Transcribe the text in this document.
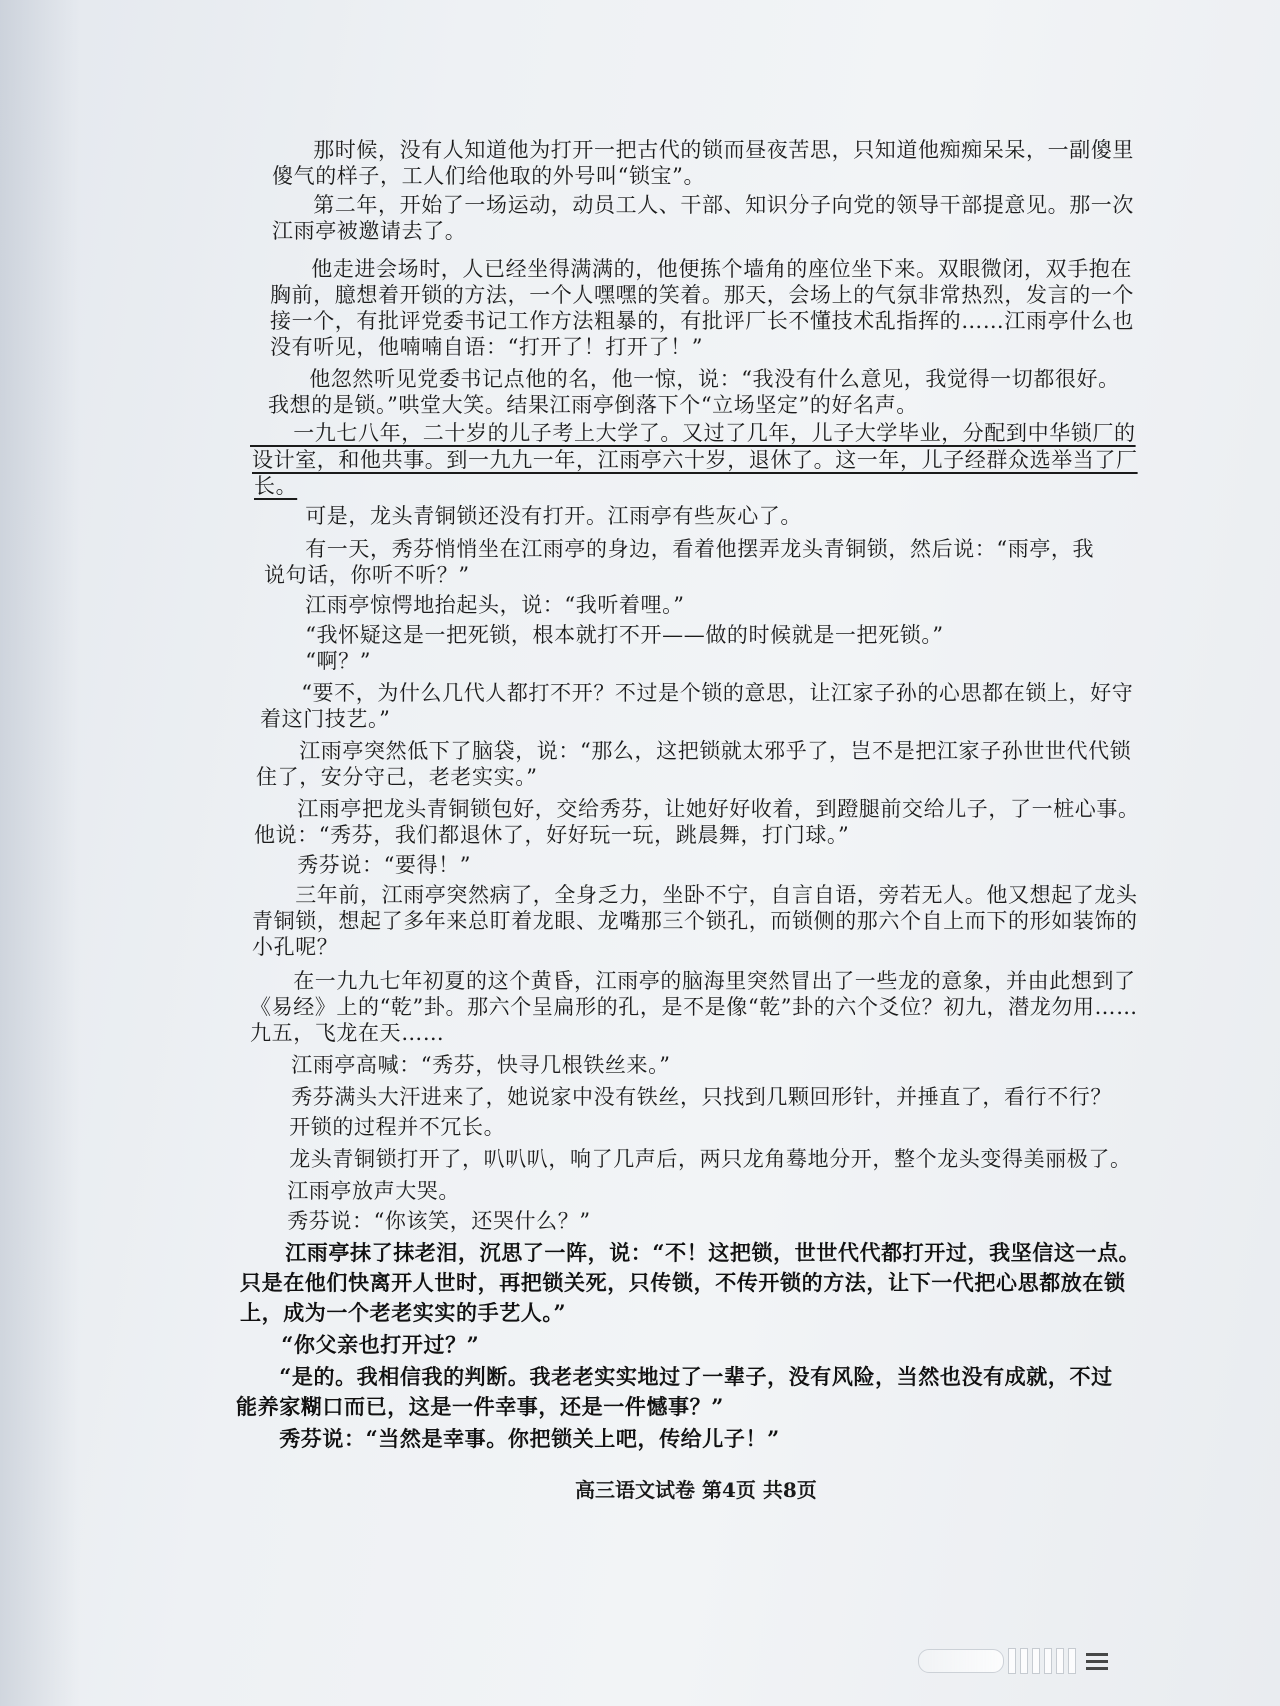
　　那时候，没有人知道他为打开一把古代的锁而昼夜苦思，只知道他痴痴呆呆，一副傻里
傻气的样子，工人们给他取的外号叫“锁宝”。
　　第二年，开始了一场运动，动员工人、干部、知识分子向党的领导干部提意见。那一次
江雨亭被邀请去了。
　　他走进会场时，人已经坐得满满的，他便拣个墙角的座位坐下来。双眼微闭，双手抱在
胸前，臆想着开锁的方法，一个人嘿嘿的笑着。那天，会场上的气氛非常热烈，发言的一个
接一个，有批评党委书记工作方法粗暴的，有批评厂长不懂技术乱指挥的……江雨亭什么也
没有听见，他喃喃自语：“打开了！打开了！”
　　他忽然听见党委书记点他的名，他一惊，说：“我没有什么意见，我觉得一切都很好。
我想的是锁。”哄堂大笑。结果江雨亭倒落下个“立场坚定”的好名声。
　　一九七八年，二十岁的儿子考上大学了。又过了几年，儿子大学毕业，分配到中华锁厂的
设计室，和他共事。到一九九一年，江雨亭六十岁，退休了。这一年，儿子经群众选举当了厂
长。
　　可是，龙头青铜锁还没有打开。江雨亭有些灰心了。
　　有一天，秀芬悄悄坐在江雨亭的身边，看着他摆弄龙头青铜锁，然后说：“雨亭，我
说句话，你听不听？”
　　江雨亭惊愕地抬起头，说：“我听着哩。”
　　“我怀疑这是一把死锁，根本就打不开——做的时候就是一把死锁。”
　　“啊？”
　　“要不，为什么几代人都打不开？不过是个锁的意思，让江家子孙的心思都在锁上，好守
着这门技艺。”
　　江雨亭突然低下了脑袋，说：“那么，这把锁就太邪乎了，岂不是把江家子孙世世代代锁
住了，安分守己，老老实实。”
　　江雨亭把龙头青铜锁包好，交给秀芬，让她好好收着，到蹬腿前交给儿子，了一桩心事。
他说：“秀芬，我们都退休了，好好玩一玩，跳晨舞，打门球。”
　　秀芬说：“要得！”
　　三年前，江雨亭突然病了，全身乏力，坐卧不宁，自言自语，旁若无人。他又想起了龙头
青铜锁，想起了多年来总盯着龙眼、龙嘴那三个锁孔，而锁侧的那六个自上而下的形如装饰的
小孔呢？
　　在一九九七年初夏的这个黄昏，江雨亭的脑海里突然冒出了一些龙的意象，并由此想到了
《易经》上的“乾”卦。那六个呈扁形的孔，是不是像“乾”卦的六个爻位？初九，潜龙勿用……
九五，飞龙在天……
　　江雨亭高喊：“秀芬，快寻几根铁丝来。”
　　秀芬满头大汗进来了，她说家中没有铁丝，只找到几颗回形针，并捶直了，看行不行？
　　开锁的过程并不冗长。
　　龙头青铜锁打开了，叭叭叭，响了几声后，两只龙角蓦地分开，整个龙头变得美丽极了。
　　江雨亭放声大哭。
　　秀芬说：“你该笑，还哭什么？”
　　江雨亭抹了抹老泪，沉思了一阵，说：“不！这把锁，世世代代都打开过，我坚信这一点。
只是在他们快离开人世时，再把锁关死，只传锁，不传开锁的方法，让下一代把心思都放在锁
上，成为一个老老实实的手艺人。”
　　“你父亲也打开过？”
　　“是的。我相信我的判断。我老老实实地过了一辈子，没有风险，当然也没有成就，不过
能养家糊口而已，这是一件幸事，还是一件憾事？”
　　秀芬说：“当然是幸事。你把锁关上吧，传给儿子！”
高三语文试卷 第4页 共8页
